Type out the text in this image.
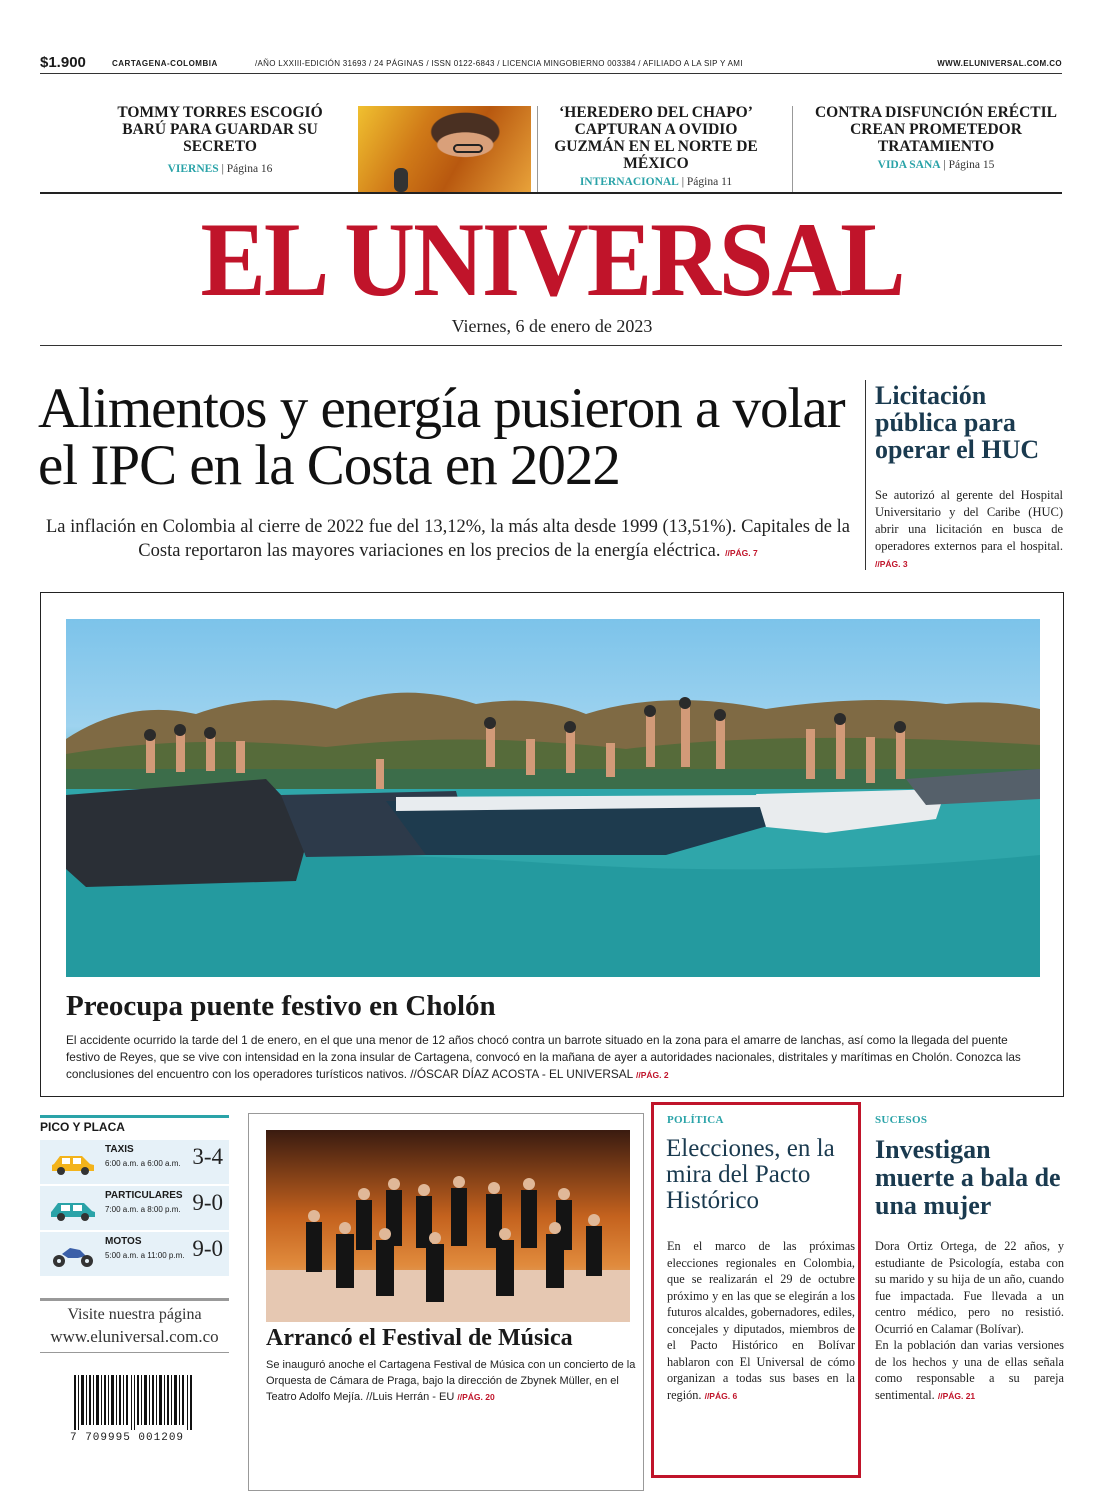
$1.900	CARTAGENA-COLOMBIA	/AÑO LXXIII-EDICIÓN 31693 / 24 PÁGINAS / ISSN 0122-6843 / LICENCIA MINGOBIERNO 003384 / AFILIADO A LA SIP Y AMI	WWW.ELUNIVERSAL.COM.CO
TOMMY TORRES ESCOGIÓ BARÚ PARA GUARDAR SU SECRETO
VIERNES | Página 16
‘HEREDERO DEL CHAPO’ CAPTURAN A OVIDIO GUZMÁN EN EL NORTE DE MÉXICO
INTERNACIONAL | Página 11
CONTRA DISFUNCIÓN ERÉCTIL CREAN PROMETEDOR TRATAMIENTO
VIDA SANA | Página 15
EL UNIVERSAL
Viernes, 6 de enero de 2023
Alimentos y energía pusieron a volar el IPC en la Costa en 2022
La inflación en Colombia al cierre de 2022 fue del 13,12%, la más alta desde 1999 (13,51%). Capitales de la Costa reportaron las mayores variaciones en los precios de la energía eléctrica. //PÁG. 7
Licitación pública para operar el HUC
Se autorizó al gerente del Hospital Universitario y del Caribe (HUC) abrir una licitación en busca de operadores externos para el hospital. //PÁG. 3
Preocupa puente festivo en Cholón
El accidente ocurrido la tarde del 1 de enero, en el que una menor de 12 años chocó contra un barrote situado en la zona para el amarre de lanchas, así como la llegada del puente festivo de Reyes, que se vive con intensidad en la zona insular de Cartagena, convocó en la mañana de ayer a autoridades nacionales, distritales y marítimas en Cholón. Conozca las conclusiones del encuentro con los operadores turísticos nativos. //ÓSCAR DÍAZ ACOSTA - EL UNIVERSAL //PÁG. 2
PICO Y PLACA
TAXIS
6:00 a.m. a 6:00 a.m. 3-4
PARTICULARES
7:00 a.m. a 8:00 p.m. 9-0
MOTOS
5:00 a.m. a 11:00 p.m. 9-0
Visite nuestra página
www.eluniversal.com.co
7 709995 001209
Arrancó el Festival de Música
Se inauguró anoche el Cartagena Festival de Música con un concierto de la Orquesta de Cámara de Praga, bajo la dirección de Zbynek Müller, en el Teatro Adolfo Mejía. //Luis Herrán - EU //PÁG. 20
POLÍTICA
Elecciones, en la mira del Pacto Histórico
En el marco de las próximas elecciones regionales en Colombia, que se realizarán el 29 de octubre próximo y en las que se elegirán a los futuros alcaldes, gobernadores, ediles, concejales y diputados, miembros de el Pacto Histórico en Bolívar hablaron con El Universal de cómo organizan a todas sus bases en la región. //PÁG. 6
SUCESOS
Investigan muerte a bala de una mujer
Dora Ortiz Ortega, de 22 años, y estudiante de Psicología, estaba con su marido y su hija de un año, cuando fue impactada. Fue llevada a un centro médico, pero no resistió. Ocurrió en Calamar (Bolívar).
En la población dan varias versiones de los hechos y una de ellas señala como responsable a su pareja sentimental. //PÁG. 21
